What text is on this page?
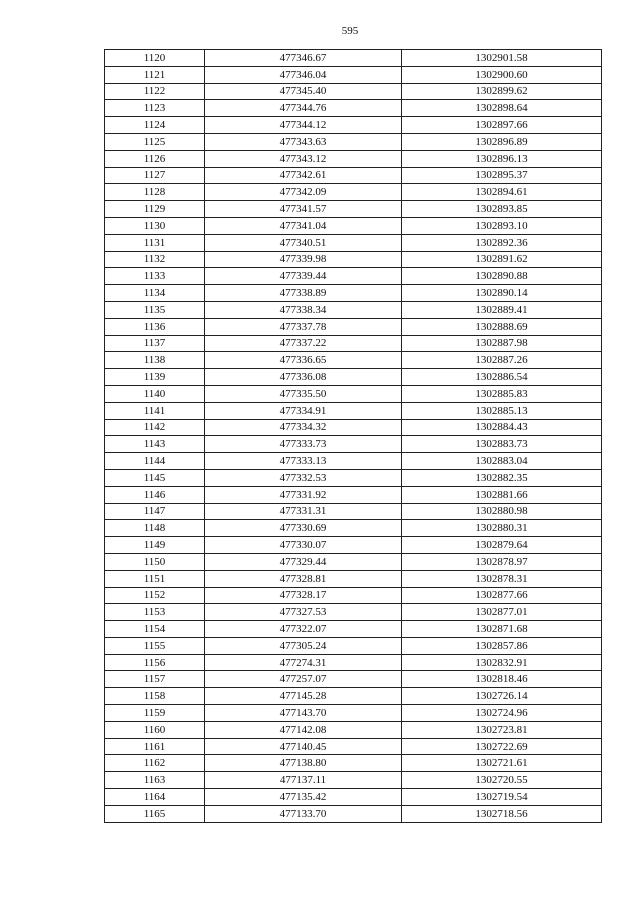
595
1120	477346.67	1302901.58
1121	477346.04	1302900.60
1122	477345.40	1302899.62
1123	477344.76	1302898.64
1124	477344.12	1302897.66
1125	477343.63	1302896.89
1126	477343.12	1302896.13
1127	477342.61	1302895.37
1128	477342.09	1302894.61
1129	477341.57	1302893.85
1130	477341.04	1302893.10
1131	477340.51	1302892.36
1132	477339.98	1302891.62
1133	477339.44	1302890.88
1134	477338.89	1302890.14
1135	477338.34	1302889.41
1136	477337.78	1302888.69
1137	477337.22	1302887.98
1138	477336.65	1302887.26
1139	477336.08	1302886.54
1140	477335.50	1302885.83
1141	477334.91	1302885.13
1142	477334.32	1302884.43
1143	477333.73	1302883.73
1144	477333.13	1302883.04
1145	477332.53	1302882.35
1146	477331.92	1302881.66
1147	477331.31	1302880.98
1148	477330.69	1302880.31
1149	477330.07	1302879.64
1150	477329.44	1302878.97
1151	477328.81	1302878.31
1152	477328.17	1302877.66
1153	477327.53	1302877.01
1154	477322.07	1302871.68
1155	477305.24	1302857.86
1156	477274.31	1302832.91
1157	477257.07	1302818.46
1158	477145.28	1302726.14
1159	477143.70	1302724.96
1160	477142.08	1302723.81
1161	477140.45	1302722.69
1162	477138.80	1302721.61
1163	477137.11	1302720.55
1164	477135.42	1302719.54
1165	477133.70	1302718.56
